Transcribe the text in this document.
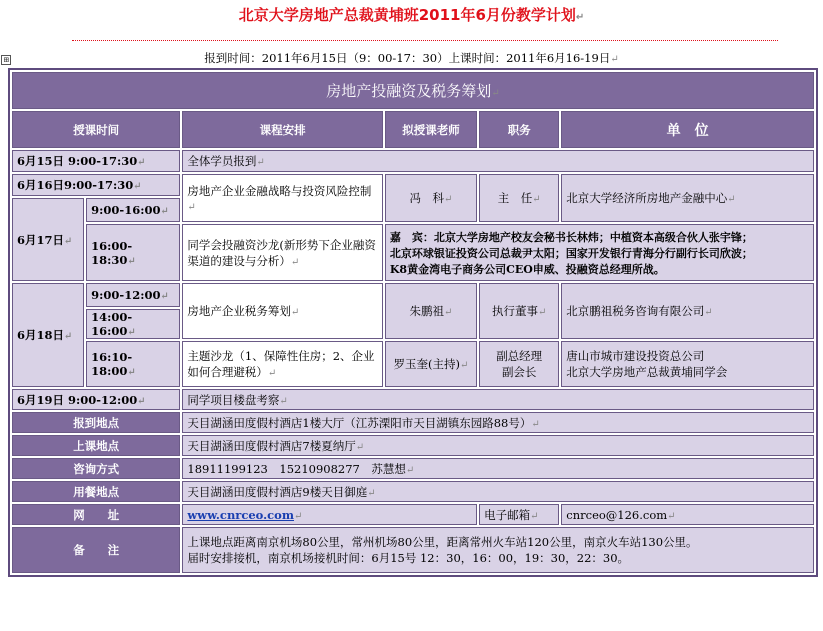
北京大学房地产总裁黄埔班2011年6月份教学计划↵
⊞	报到时间：2011年6月15日（9：00-17：30）上课时间：2011年6月16-19日↵
房地产投融资及税务筹划↵					
授课时间		课程安排	拟授课老师	职务	单　位
6月15日 9:00-17:30↵		全体学员报到↵			
6月16日9:00-17:30↵		房地产企业金融战略与投资风险控制↵	冯　科↵	主　任↵	北京大学经济所房地产金融中心↵
6月17日↵	9:00-16:00↵				
	16:00-18:30↵	同学会投融资沙龙(新形势下企业融资渠道的建设与分析）↵	嘉　宾：北京大学房地产校友会秘书长林炜；中植资本高级合伙人张宇锋；
北京环球银证投资公司总裁尹太阳；国家开发银行青海分行副行长司欣波；
K8黄金湾电子商务公司CEO申威、投融资总经理所战。		

6月18日↵	9:00-12:00↵	房地产企业税务筹划↵	朱鹏祖↵	执行董事↵	北京鹏祖税务咨询有限公司↵
	14:00-16:00↵				
	16:10-18:00↵	主题沙龙（1、保障性住房；2、企业如何合理避税）↵	罗玉奎(主持)↵	副总经理
副会长	唐山市城市建设投资总公司
北京大学房地产总裁黄埔同学会

6月19日 9:00-12:00↵		同学项目楼盘考察↵			
报到地点		天目湖涵田度假村酒店1楼大厅（江苏溧阳市天目湖镇东园路88号）↵			
上课地点		天目湖涵田度假村酒店7楼夏纳厅↵			
咨询方式		18911199123　15210908277　苏慧想↵			
用餐地点		天目湖涵田度假村酒店9楼天目御庭↵			
网　　址		www.cnrceo.com↵		电子邮箱↵	cnrceo@126.com↵
备　　注		上课地点距离南京机场80公里，常州机场80公里，距离常州火车站120公里，南京火车站130公里。
届时安排接机，南京机场接机时间：6月15号 12：30，16：00，19：30，22：30。			
